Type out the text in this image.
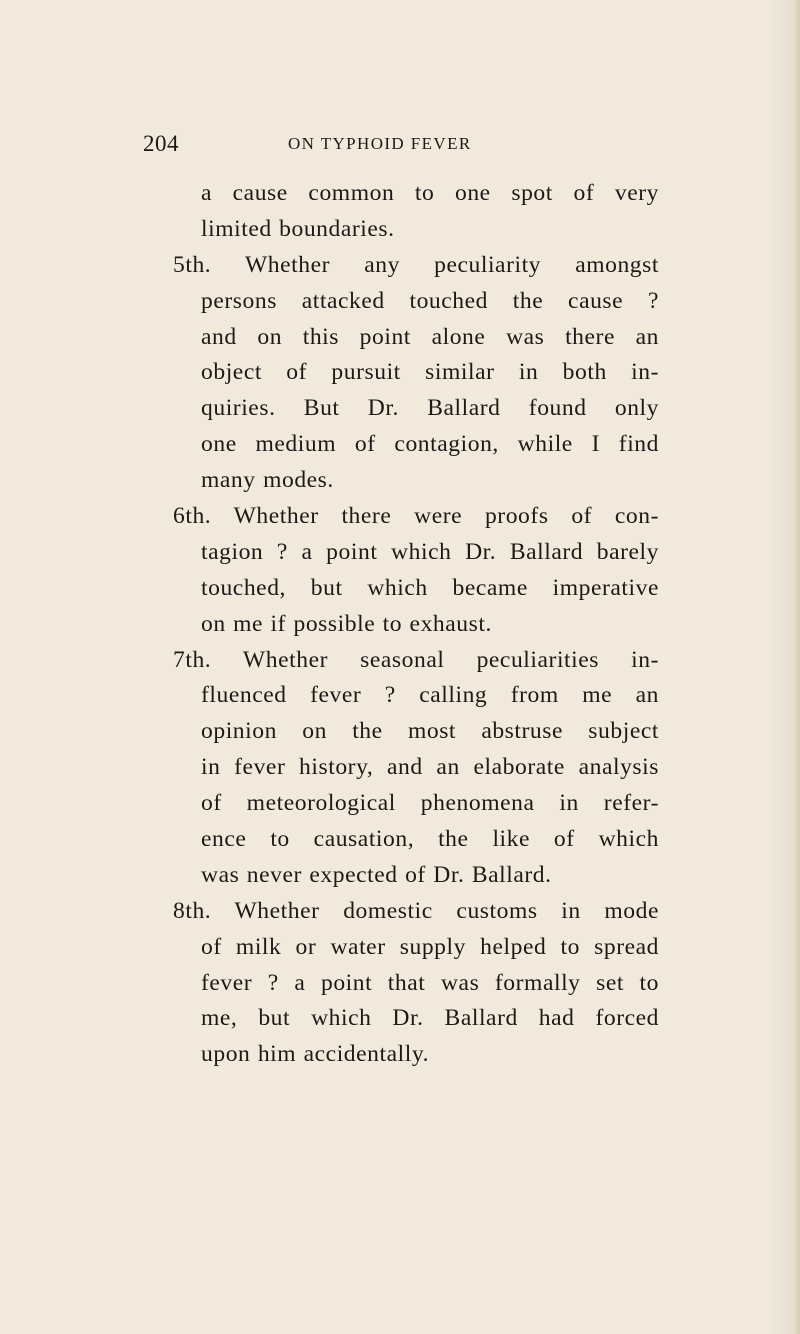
204	ON TYPHOID FEVER
a cause common to one spot of very
limited boundaries.
5th. Whether any peculiarity amongst
persons attacked touched the cause ?
and on this point alone was there an
object of pursuit similar in both in-
quiries. But Dr. Ballard found only
one medium of contagion, while I find
many modes.
6th. Whether there were proofs of con-
tagion ? a point which Dr. Ballard barely
touched, but which became imperative
on me if possible to exhaust.
7th. Whether seasonal peculiarities in-
fluenced fever ? calling from me an
opinion on the most abstruse subject
in fever history, and an elaborate analysis
of meteorological phenomena in refer-
ence to causation, the like of which
was never expected of Dr. Ballard.
8th. Whether domestic customs in mode
of milk or water supply helped to spread
fever ? a point that was formally set to
me, but which Dr. Ballard had forced
upon him accidentally.
